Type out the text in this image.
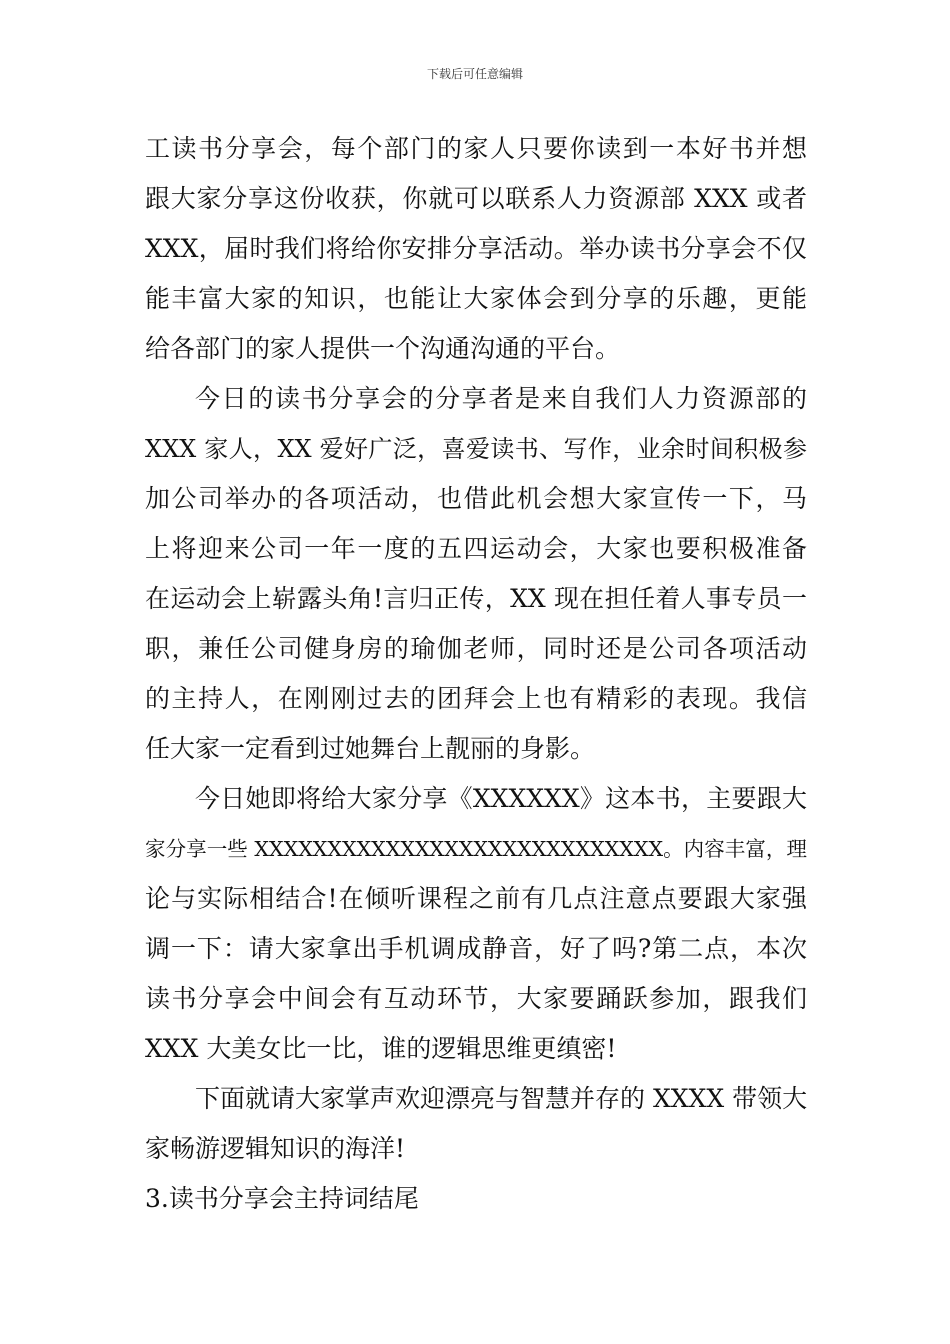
下载后可任意编辑
工读书分享会，每个部门的家人只要你读到一本好书并想
跟大家分享这份收获，你就可以联系人力资源部 XXX 或者
XXX，届时我们将给你安排分享活动。举办读书分享会不仅
能丰富大家的知识，也能让大家体会到分享的乐趣，更能
给各部门的家人提供一个沟通沟通的平台。
今日的读书分享会的分享者是来自我们人力资源部的
XXX 家人，XX 爱好广泛，喜爱读书、写作，业余时间积极参
加公司举办的各项活动，也借此机会想大家宣传一下，马
上将迎来公司一年一度的五四运动会，大家也要积极准备
在运动会上崭露头角!言归正传，XX 现在担任着人事专员一
职，兼任公司健身房的瑜伽老师，同时还是公司各项活动
的主持人，在刚刚过去的团拜会上也有精彩的表现。我信
任大家一定看到过她舞台上靓丽的身影。
今日她即将给大家分享《XXXXXX》这本书，主要跟大
家分享一些 XXXXXXXXXXXXXXXXXXXXXXXXXXXX。内容丰富，理
论与实际相结合!在倾听课程之前有几点注意点要跟大家强
调一下：请大家拿出手机调成静音，好了吗?第二点，本次
读书分享会中间会有互动环节，大家要踊跃参加，跟我们
XXX 大美女比一比，谁的逻辑思维更缜密!
下面就请大家掌声欢迎漂亮与智慧并存的 XXXX 带领大
家畅游逻辑知识的海洋!
3.读书分享会主持词结尾
